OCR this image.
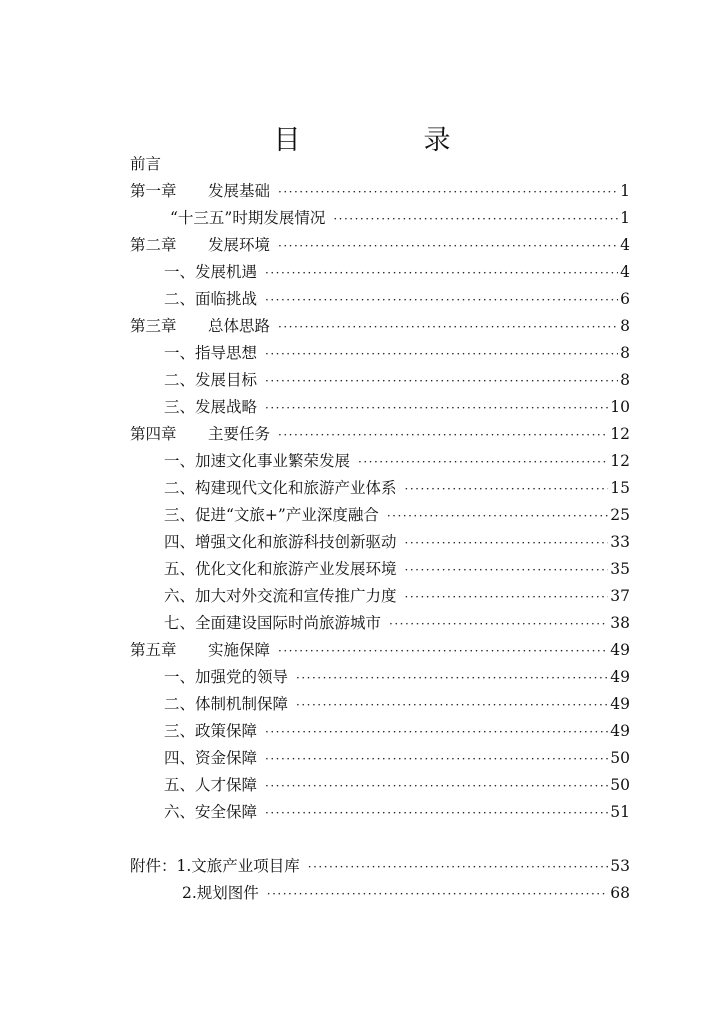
目　录
前言
第一章 发展基础 ·····	1
“十三五”时期发展情况 ·····	1
第二章 发展环境 ·····	4
一、发展机遇 ·····	4
二、面临挑战 ·····	6
第三章 总体思路 ·····	8
一、指导思想 ·····	8
二、发展目标 ·····	8
三、发展战略 ·····	10
第四章 主要任务 ·····	12
一、加速文化事业繁荣发展 ·····	12
二、构建现代文化和旅游产业体系 ·····	15
三、促进“文旅+”产业深度融合 ·····	25
四、增强文化和旅游科技创新驱动 ·····	33
五、优化文化和旅游产业发展环境 ·····	35
六、加大对外交流和宣传推广力度 ·····	37
七、全面建设国际时尚旅游城市 ·····	38
第五章 实施保障 ·····	49
一、加强党的领导 ·····	49
二、体制机制保障 ·····	49
三、政策保障 ·····	49
四、资金保障 ·····	50
五、人才保障 ·····	50
六、安全保障 ·····	51
附件：1.文旅产业项目库 ·····	53
2.规划图件 ·····	68
